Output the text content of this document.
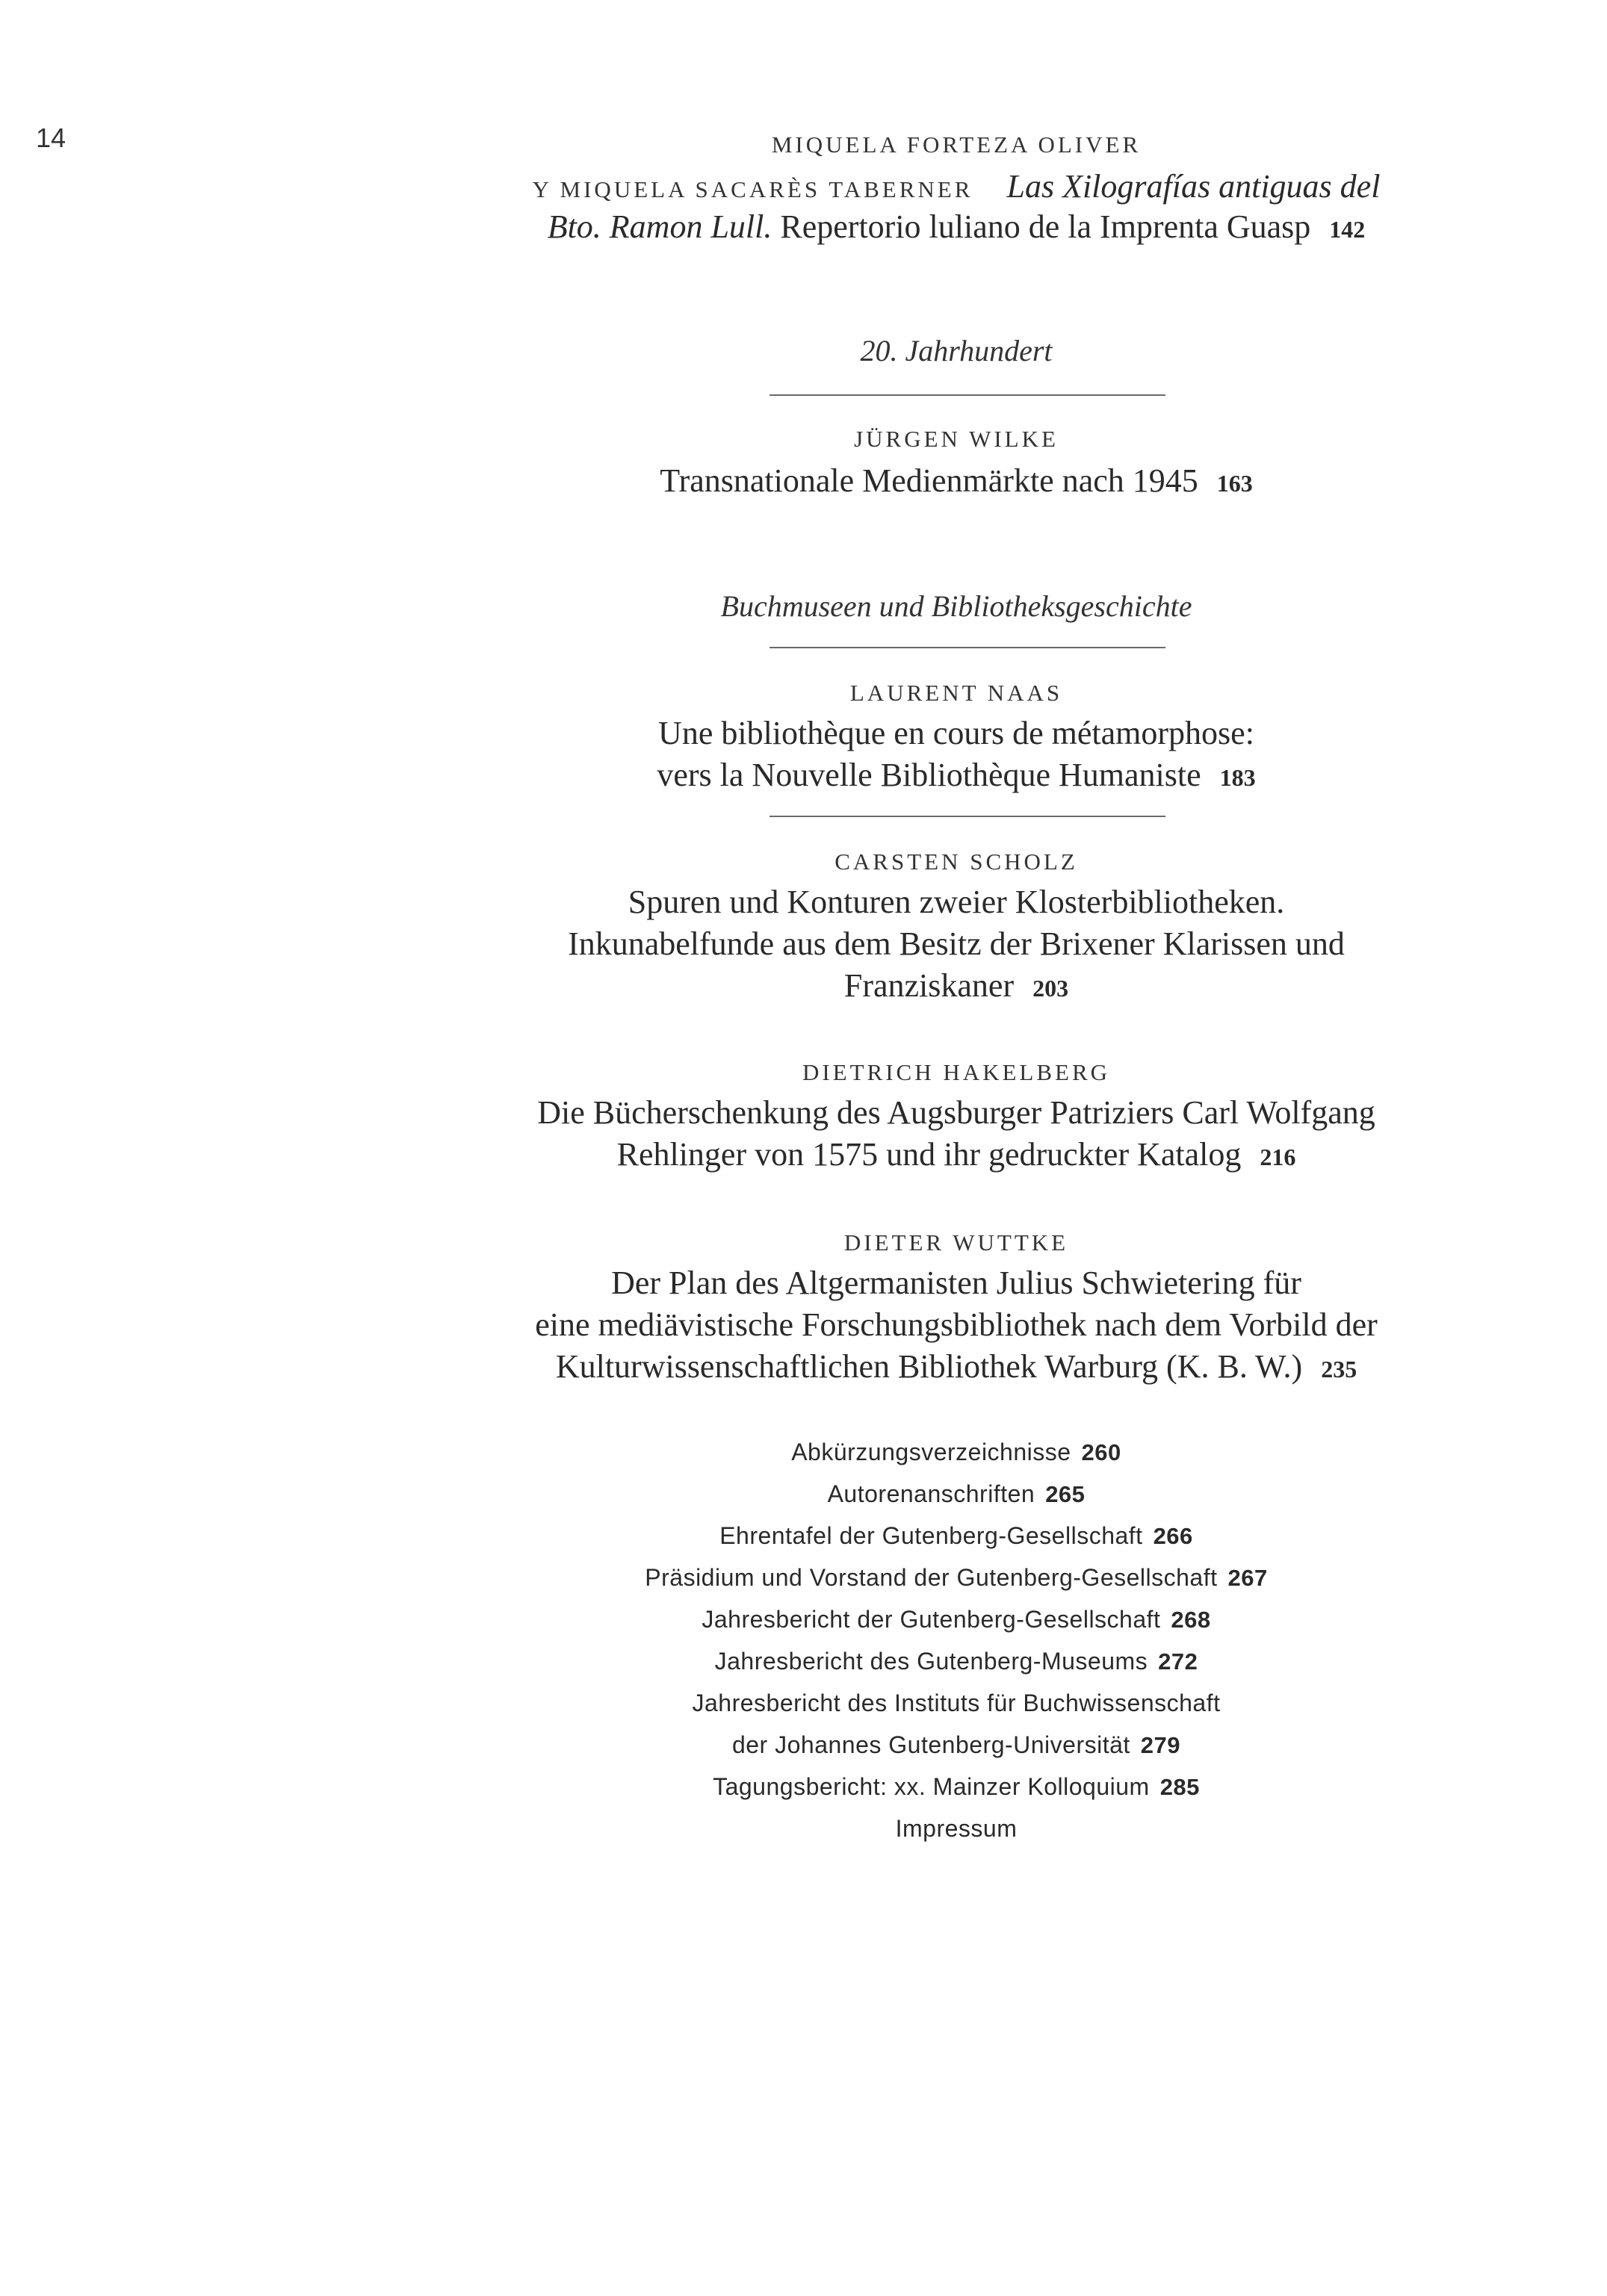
14	MIQUELA FORTEZA OLIVER
Y MIQUELA SACARÈS TABERNER Las Xilografías antiguas del
Bto. Ramon Lull. Repertorio luliano de la Imprenta Guasp 142
20. Jahrhundert
JÜRGEN WILKE
Transnationale Medienmärkte nach 1945 163
Buchmuseen und Bibliotheksgeschichte
LAURENT NAAS
Une bibliothèque en cours de métamorphose:
vers la Nouvelle Bibliothèque Humaniste 183
CARSTEN SCHOLZ
Spuren und Konturen zweier Klosterbibliotheken.
Inkunabelfunde aus dem Besitz der Brixener Klarissen und
Franziskaner 203
DIETRICH HAKELBERG
Die Bücherschenkung des Augsburger Patriziers Carl Wolfgang
Rehlinger von 1575 und ihr gedruckter Katalog 216
DIETER WUTTKE
Der Plan des Altgermanisten Julius Schwietering für
eine mediävistische Forschungsbibliothek nach dem Vorbild der
Kulturwissenschaftlichen Bibliothek Warburg (K. B. W.) 235
Abkürzungsverzeichnisse 260
Autorenanschriften 265
Ehrentafel der Gutenberg-Gesellschaft 266
Präsidium und Vorstand der Gutenberg-Gesellschaft 267
Jahresbericht der Gutenberg-Gesellschaft 268
Jahresbericht des Gutenberg-Museums 272
Jahresbericht des Instituts für Buchwissenschaft
der Johannes Gutenberg-Universität 279
Tagungsbericht: xx. Mainzer Kolloquium 285
Impressum
